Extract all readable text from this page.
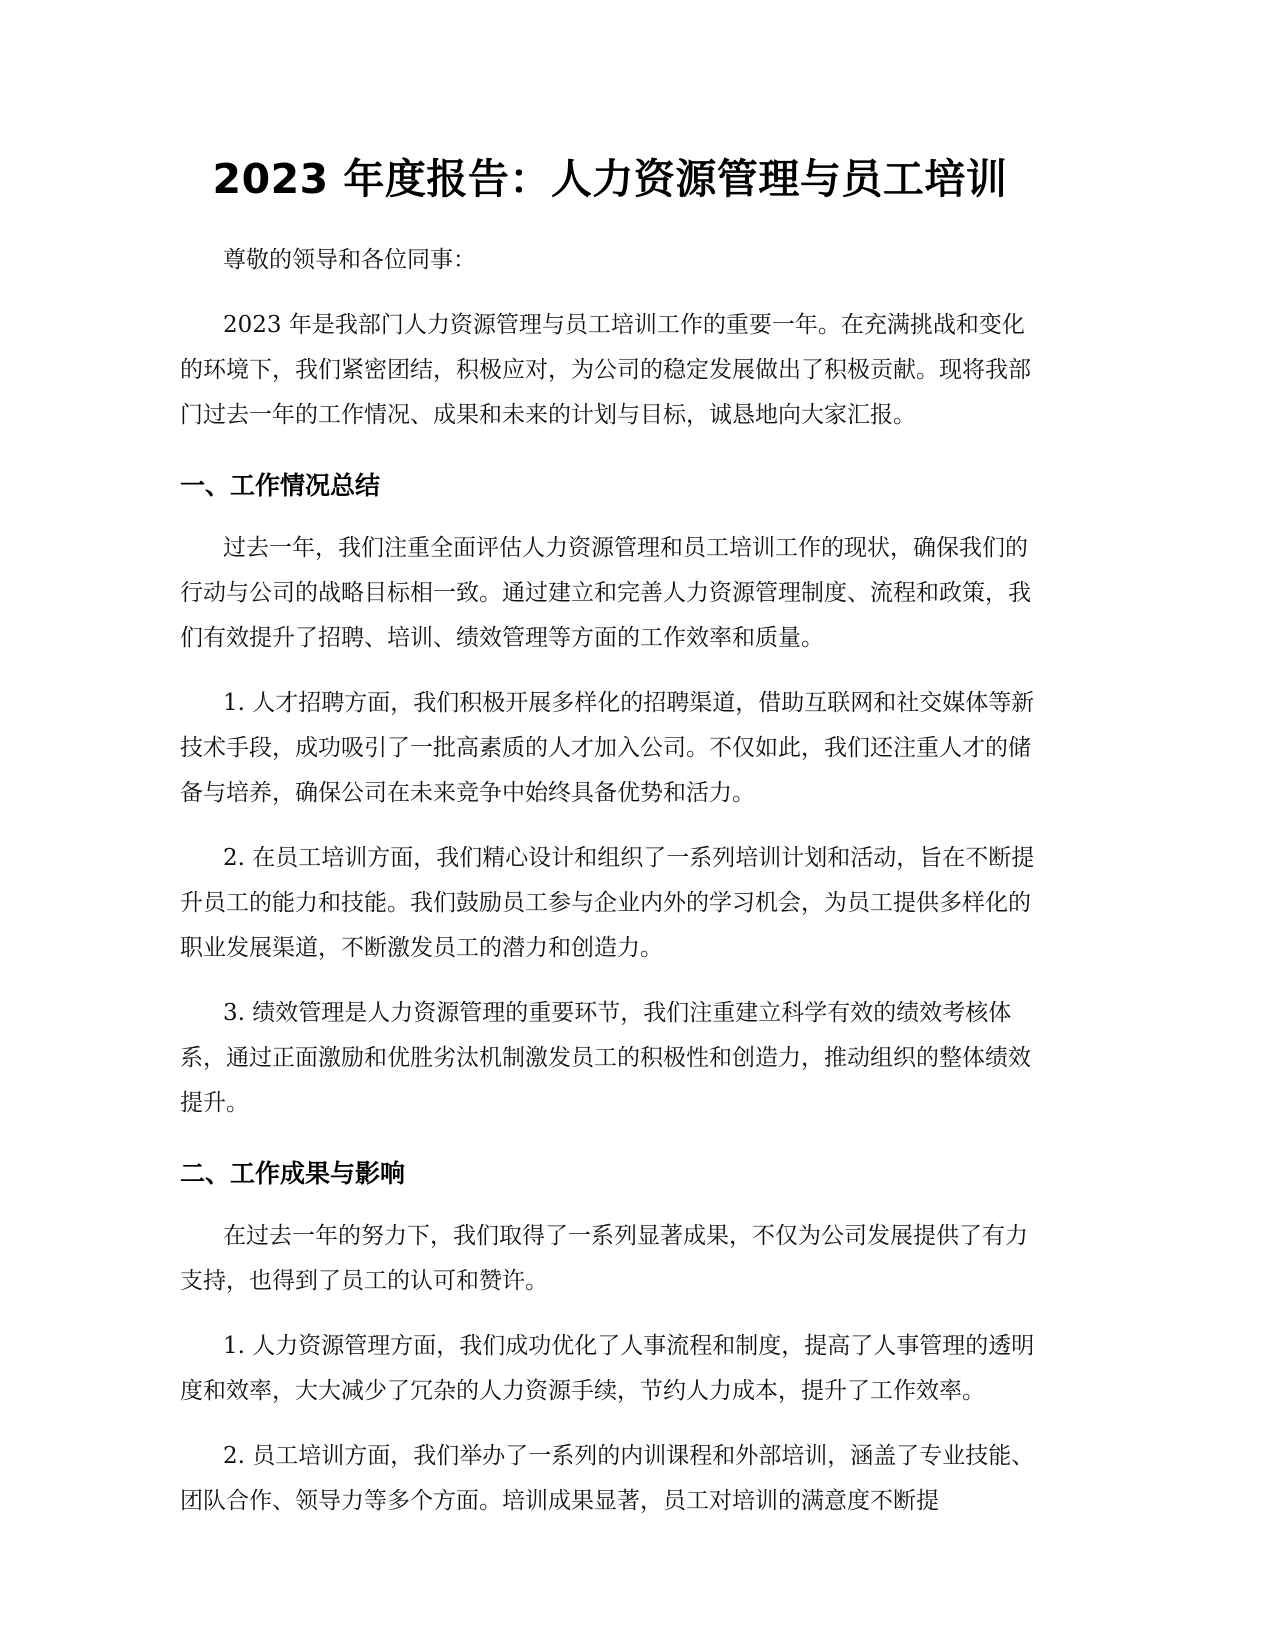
2023 年度报告：人力资源管理与员工培训

尊敬的领导和各位同事：

2023 年是我部门人力资源管理与员工培训工作的重要一年。在充满挑战和变化的环境下，我们紧密团结，积极应对，为公司的稳定发展做出了积极贡献。现将我部门过去一年的工作情况、成果和未来的计划与目标，诚恳地向大家汇报。

一、工作情况总结

过去一年，我们注重全面评估人力资源管理和员工培训工作的现状，确保我们的行动与公司的战略目标相一致。通过建立和完善人力资源管理制度、流程和政策，我们有效提升了招聘、培训、绩效管理等方面的工作效率和质量。

1. 人才招聘方面，我们积极开展多样化的招聘渠道，借助互联网和社交媒体等新技术手段，成功吸引了一批高素质的人才加入公司。不仅如此，我们还注重人才的储备与培养，确保公司在未来竞争中始终具备优势和活力。

2. 在员工培训方面，我们精心设计和组织了一系列培训计划和活动，旨在不断提升员工的能力和技能。我们鼓励员工参与企业内外的学习机会，为员工提供多样化的职业发展渠道，不断激发员工的潜力和创造力。

3. 绩效管理是人力资源管理的重要环节，我们注重建立科学有效的绩效考核体系，通过正面激励和优胜劣汰机制激发员工的积极性和创造力，推动组织的整体绩效提升。

二、工作成果与影响

在过去一年的努力下，我们取得了一系列显著成果，不仅为公司发展提供了有力支持，也得到了员工的认可和赞许。

1. 人力资源管理方面，我们成功优化了人事流程和制度，提高了人事管理的透明度和效率，大大减少了冗杂的人力资源手续，节约人力成本，提升了工作效率。

2. 员工培训方面，我们举办了一系列的内训课程和外部培训，涵盖了专业技能、团队合作、领导力等多个方面。培训成果显著，员工对培训的满意度不断提
